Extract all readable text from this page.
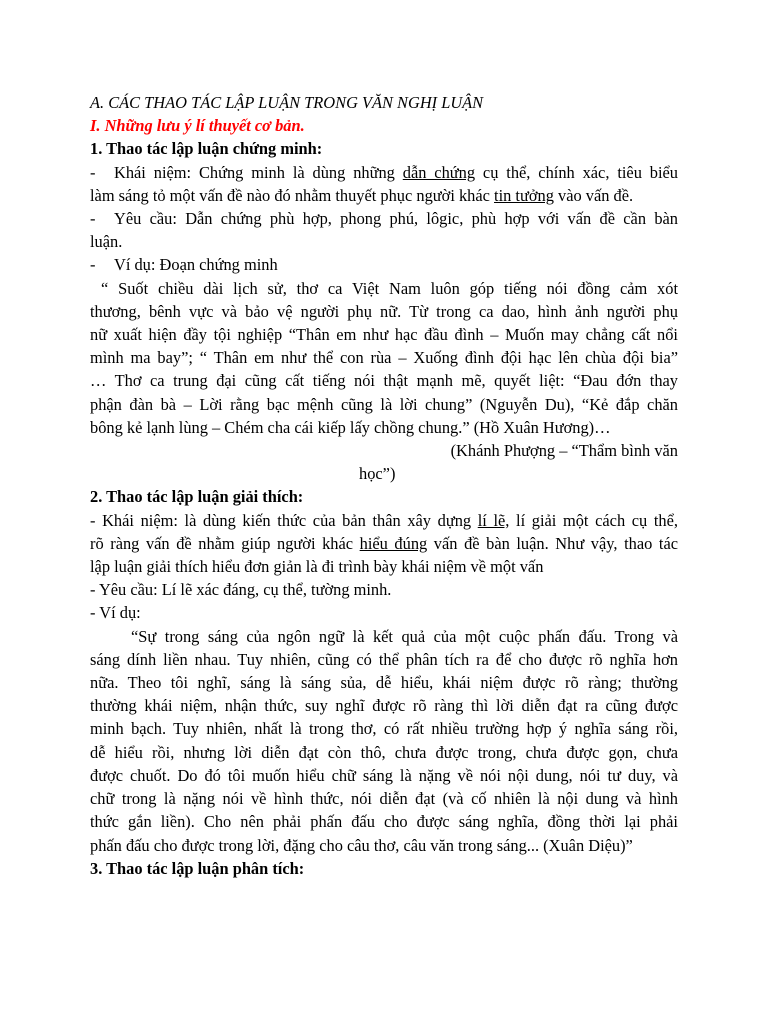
A. CÁC THAO TÁC LẬP LUẬN TRONG VĂN NGHỊ LUẬN
I. Những lưu ý lí thuyết cơ bản.
1. Thao tác lập luận chứng minh:
- Khái niệm: Chứng minh là dùng những dẫn chứng cụ thể, chính xác, tiêu biểu
làm sáng tỏ một vấn đề nào đó nhằm thuyết phục người khác tin tưởng vào vấn đề.
- Yêu cầu: Dẫn chứng phù hợp, phong phú, lôgic, phù hợp với vấn đề cần bàn
luận.
- Ví dụ: Đoạn chứng minh
“ Suốt chiều dài lịch sử, thơ ca Việt Nam luôn góp tiếng nói đồng cảm xót
thương, bênh vực và bảo vệ người phụ nữ. Từ trong ca dao, hình ảnh người phụ
nữ xuất hiện đầy tội nghiệp “Thân em như hạc đầu đình – Muốn may chẳng cất nổi
mình ma bay”; “ Thân em như thể con rùa – Xuống đình đội hạc lên chùa đội bia”
… Thơ ca trung đại cũng cất tiếng nói thật mạnh mẽ, quyết liệt: “Đau đớn thay
phận đàn bà – Lời rằng bạc mệnh cũng là lời chung” (Nguyễn Du), “Kẻ đắp chăn
bông kẻ lạnh lùng – Chém cha cái kiếp lấy chồng chung.” (Hồ Xuân Hương)…
(Khánh Phượng – “Thẩm bình văn
học”)
2. Thao tác lập luận giải thích:
- Khái niệm: là dùng kiến thức của bản thân xây dựng lí lẽ, lí giải một cách cụ thể,
rõ ràng vấn đề nhằm giúp người khác hiểu đúng vấn đề bàn luận. Như vậy, thao tác
lập luận giải thích hiểu đơn giản là đi trình bày khái niệm về một vấn
- Yêu cầu: Lí lẽ xác đáng, cụ thể, tường minh.
- Ví dụ:
“Sự trong sáng của ngôn ngữ là kết quả của một cuộc phấn đấu. Trong và
sáng dính liền nhau. Tuy nhiên, cũng có thể phân tích ra để cho được rõ nghĩa hơn
nữa. Theo tôi nghĩ, sáng là sáng sủa, dễ hiểu, khái niệm được rõ ràng; thường
thường khái niệm, nhận thức, suy nghĩ được rõ ràng thì lời diễn đạt ra cũng được
minh bạch. Tuy nhiên, nhất là trong thơ, có rất nhiều trường hợp ý nghĩa sáng rồi,
dễ hiểu rồi, nhưng lời diễn đạt còn thô, chưa được trong, chưa được gọn, chưa
được chuốt. Do đó tôi muốn hiểu chữ sáng là nặng về nói nội dung, nói tư duy, và
chữ trong là nặng nói về hình thức, nói diễn đạt (và cố nhiên là nội dung và hình
thức gắn liền). Cho nên phải phấn đấu cho được sáng nghĩa, đồng thời lại phải
phấn đấu cho được trong lời, đặng cho câu thơ, câu văn trong sáng... (Xuân Diệu)”
3. Thao tác lập luận phân tích:
